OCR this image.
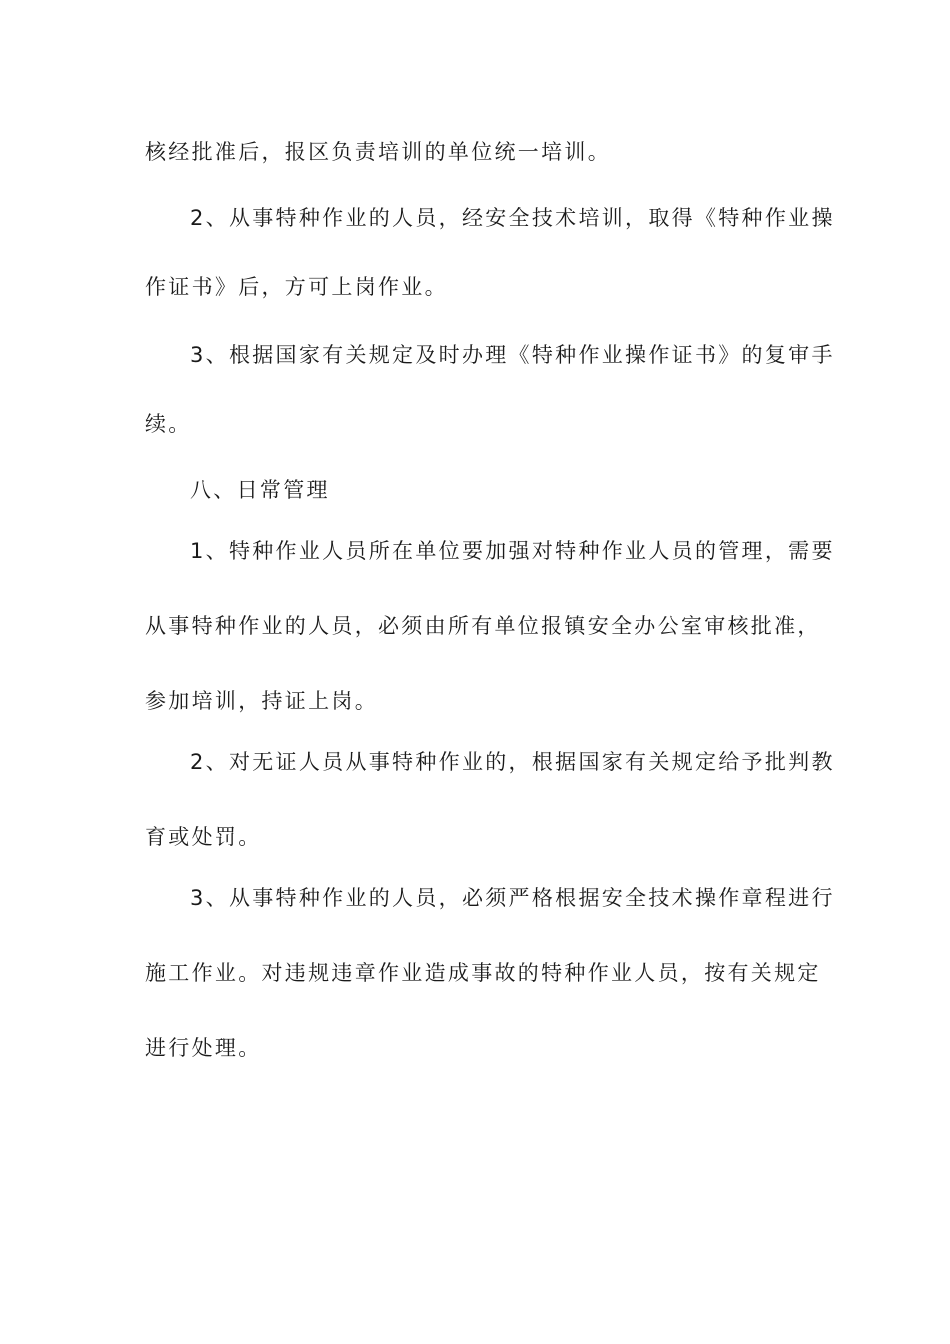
核经批准后，报区负责培训的单位统一培训。
2、从事特种作业的人员，经安全技术培训，取得《特种作业操
作证书》后，方可上岗作业。
3、根据国家有关规定及时办理《特种作业操作证书》的复审手
续。
八、日常管理
1、特种作业人员所在单位要加强对特种作业人员的管理，需要
从事特种作业的人员，必须由所有单位报镇安全办公室审核批准，
参加培训，持证上岗。
2、对无证人员从事特种作业的，根据国家有关规定给予批判教
育或处罚。
3、从事特种作业的人员，必须严格根据安全技术操作章程进行
施工作业。对违规违章作业造成事故的特种作业人员，按有关规定
进行处理。
